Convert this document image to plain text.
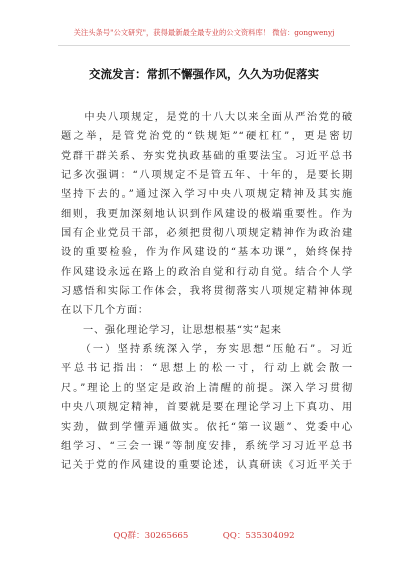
关注头条号"公文研究"，获得最新最全最专业的公文资料库！ 微信：gongwenyj
交流发言：常抓不懈强作风，久久为功促落实
　　中央八项规定，是党的十八大以来全面从严治党的破
题之举，是管党治党的“铁规矩”“硬杠杠”，更是密切
党群干群关系、夯实党执政基础的重要法宝。习近平总书
记多次强调：“八项规定不是管五年、十年的，是要长期
坚持下去的。”通过深入学习中央八项规定精神及其实施
细则，我更加深刻地认识到作风建设的极端重要性。作为
国有企业党员干部，必须把贯彻八项规定精神作为政治建
设的重要检验，作为作风建设的“基本功课”，始终保持
作风建设永远在路上的政治自觉和行动自觉。结合个人学
习感悟和实际工作体会，我将贯彻落实八项规定精神体现
在以下几个方面：
　　一、强化理论学习，让思想根基“实”起来
　　（一）坚持系统深入学，夯实思想“压舱石”。习近
平总书记指出：“思想上的松一寸，行动上就会散一
尺。”理论上的坚定是政治上清醒的前提。深入学习贯彻
中央八项规定精神，首要就是要在理论学习上下真功、用
实劲，做到学懂弄通做实。依托“第一议题”、党委中心
组学习、“三会一课”等制度安排，系统学习习近平总书
记关于党的作风建设的重要论述，认真研读《习近平关于
QQ群：30265665　　　　QQ：535304092
